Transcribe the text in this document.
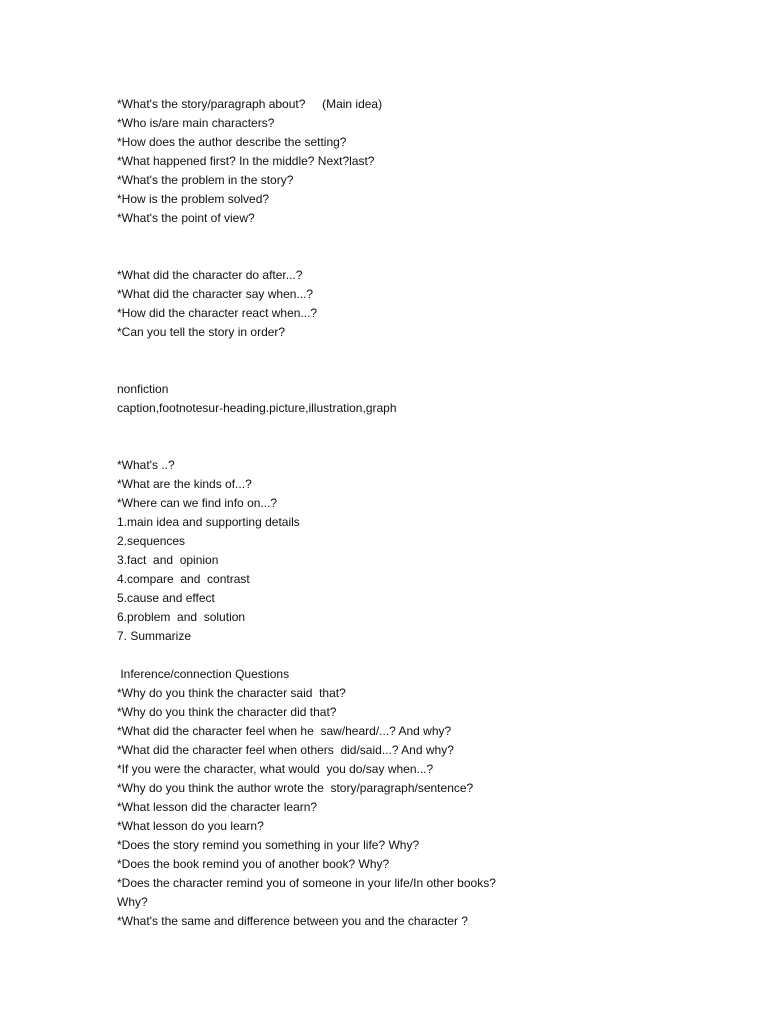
*What's the story/paragraph about?     (Main idea)
*Who is/are main characters?
*How does the author describe the setting?
*What happened first? In the middle? Next?last?
*What's the problem in the story?
*How is the problem solved?
*What's the point of view?
*What did the character do after...?
*What did the character say when...?
*How did the character react when...?
*Can you tell the story in order?
nonfiction
caption,footnotesur-heading.picture,illustration,graph
*What's ..?
*What are the kinds of...?
*Where can we find info on...?
1.main idea and supporting details
2.sequences
3.fact  and  opinion
4.compare  and  contrast
5.cause and effect
6.problem  and  solution
7. Summarize
Inference/connection Questions
*Why do you think the character said  that?
*Why do you think the character did that?
*What did the character feel when he  saw/heard/...? And why?
*What did the character feel when others  did/said...? And why?
*If you were the character, what would  you do/say when...?
*Why do you think the author wrote the  story/paragraph/sentence?
*What lesson did the character learn?
*What lesson do you learn?
*Does the story remind you something in your life? Why?
*Does the book remind you of another book? Why?
*Does the character remind you of someone in your life/In other books?
Why?
*What's the same and difference between you and the character ?
